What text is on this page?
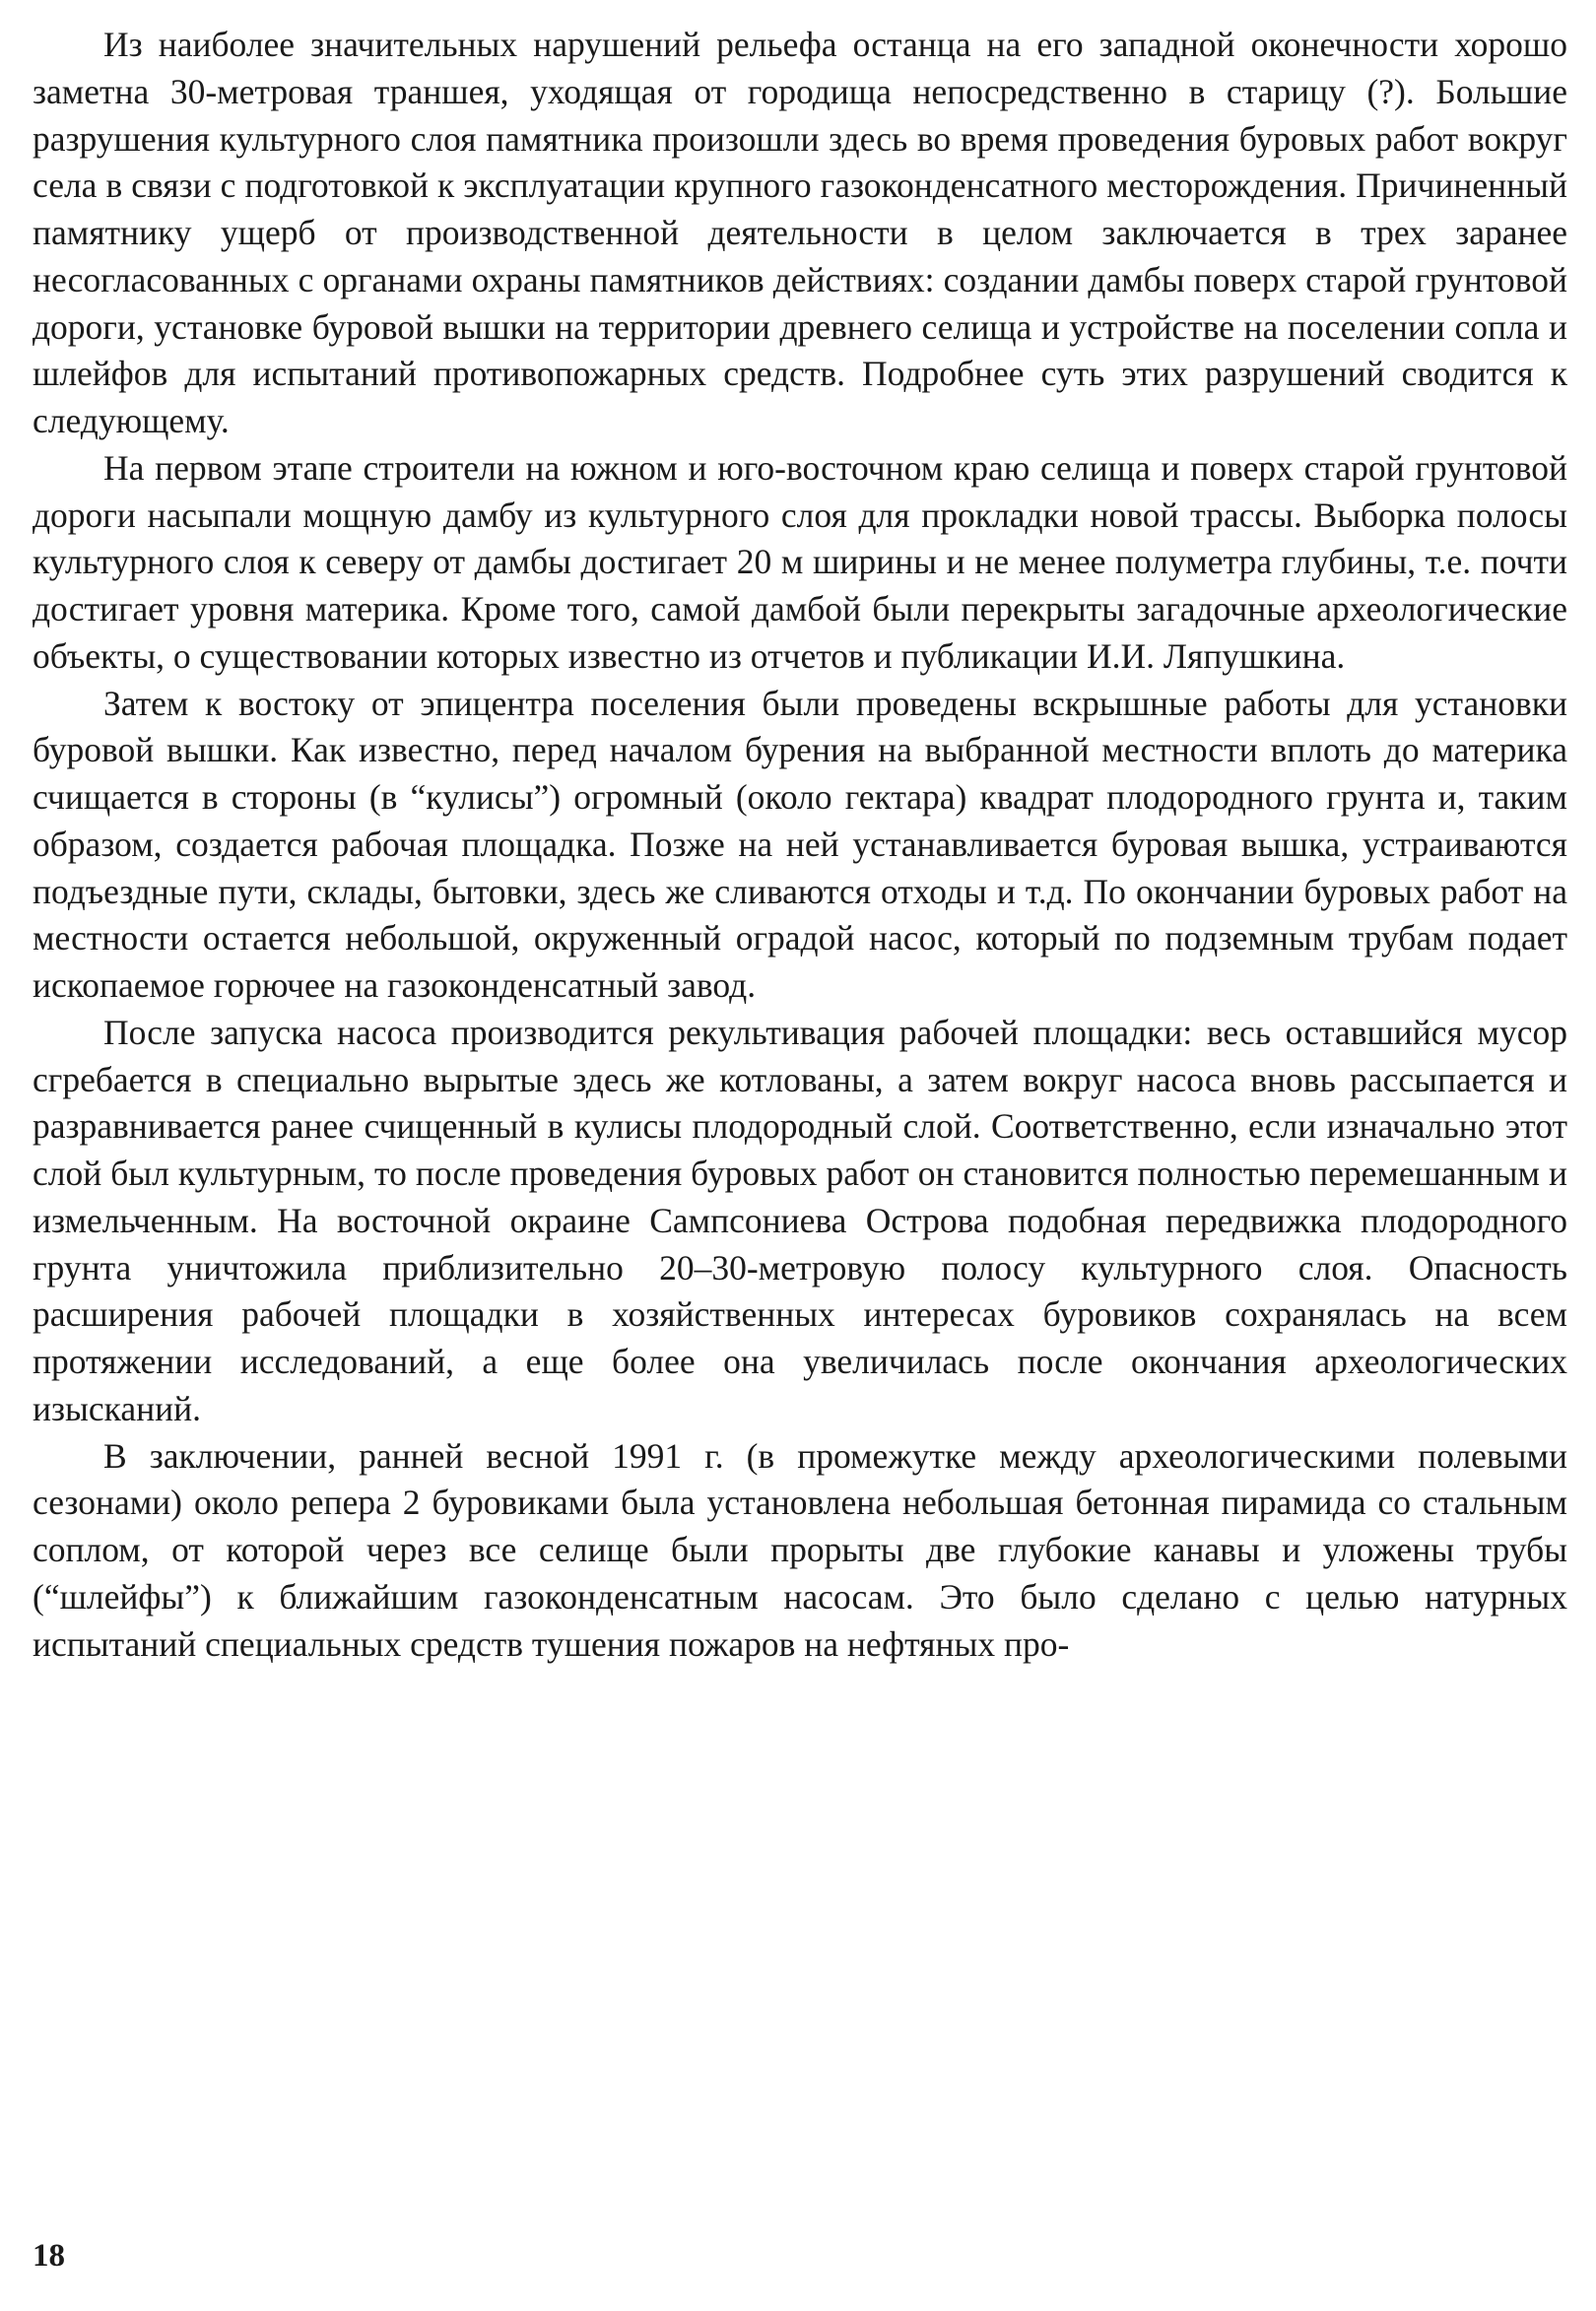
Из наиболее значительных нарушений рельефа останца на его западной оконечности хорошо заметна 30-метровая траншея, уходящая от городища непосредственно в старицу (?). Большие разрушения культурного слоя памятника произошли здесь во время проведения буровых работ вокруг села в связи с подготовкой к эксплуатации крупного газоконденсатного месторождения. Причиненный памятнику ущерб от производственной деятельности в целом заключается в трех заранее несогласованных с органами охраны памятников действиях: создании дамбы поверх старой грунтовой дороги, установке буровой вышки на территории древнего селища и устройстве на поселении сопла и шлейфов для испытаний противопожарных средств. Подробнее суть этих разрушений сводится к следующему.

На первом этапе строители на южном и юго-восточном краю селища и поверх старой грунтовой дороги насыпали мощную дамбу из культурного слоя для прокладки новой трассы. Выборка полосы культурного слоя к северу от дамбы достигает 20 м ширины и не менее полуметра глубины, т.е. почти достигает уровня материка. Кроме того, самой дамбой были перекрыты загадочные археологические объекты, о существовании которых известно из отчетов и публикации И.И. Ляпушкина.

Затем к востоку от эпицентра поселения были проведены вскрышные работы для установки буровой вышки. Как известно, перед началом бурения на выбранной местности вплоть до материка счищается в стороны (в “кулисы”) огромный (около гектара) квадрат плодородного грунта и, таким образом, создается рабочая площадка. Позже на ней устанавливается буровая вышка, устраиваются подъездные пути, склады, бытовки, здесь же сливаются отходы и т.д. По окончании буровых работ на местности остается небольшой, окруженный оградой насос, который по подземным трубам подает ископаемое горючее на газоконденсатный завод.

После запуска насоса производится рекультивация рабочей площадки: весь оставшийся мусор сгребается в специально вырытые здесь же котлованы, а затем вокруг насоса вновь рассыпается и разравнивается ранее счищенный в кулисы плодородный слой. Соответственно, если изначально этот слой был культурным, то после проведения буровых работ он становится полностью перемешанным и измельченным. На восточной окраине Сампсониева Острова подобная передвижка плодородного грунта уничтожила приблизительно 20–30-метровую полосу культурного слоя. Опасность расширения рабочей площадки в хозяйственных интересах буровиков сохранялась на всем протяжении исследований, а еще более она увеличилась после окончания археологических изысканий.

В заключении, ранней весной 1991 г. (в промежутке между археологическими полевыми сезонами) около репера 2 буровиками была установлена небольшая бетонная пирамида со стальным соплом, от которой через все селище были прорыты две глубокие канавы и уложены трубы (“шлейфы”) к ближайшим газоконденсатным насосам. Это было сделано с целью натурных испытаний специальных средств тушения пожаров на нефтяных про-

18
